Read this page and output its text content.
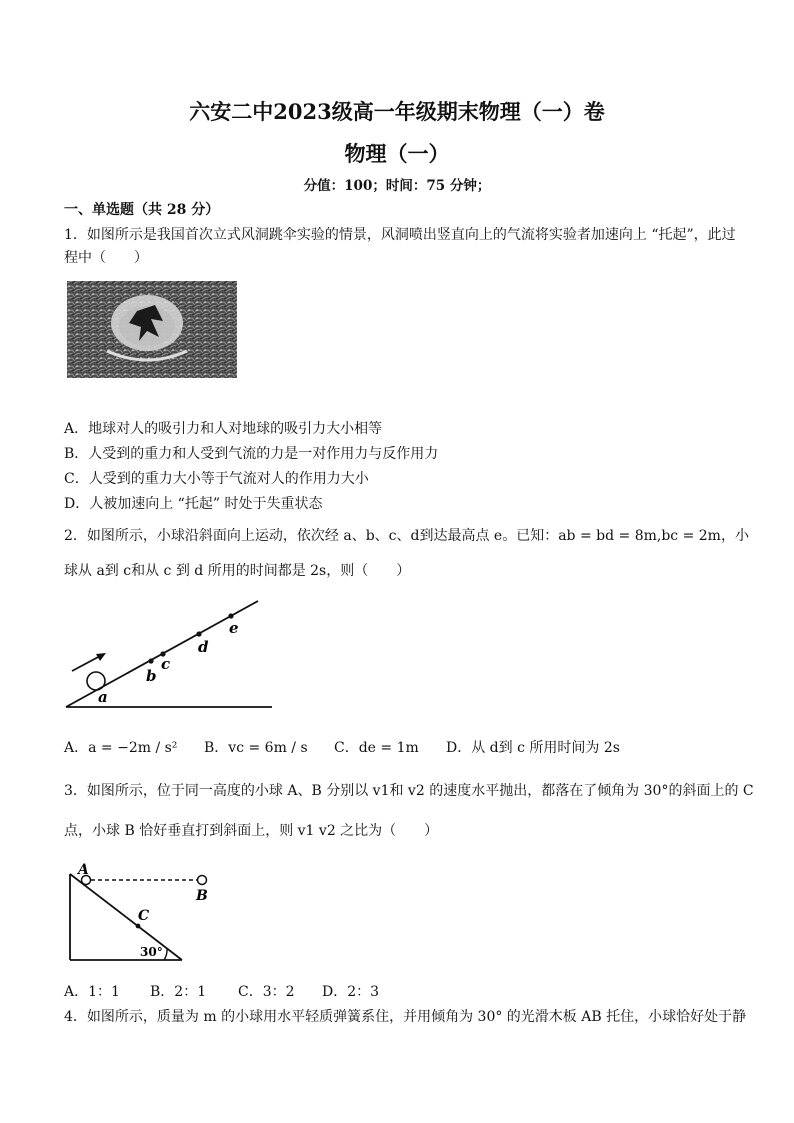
六安二中2023级高一年级期末物理（一）卷
物理（一）
分值：100；时间：75 分钟；
一、单选题（共 28 分）
1．如图所示是我国首次立式风洞跳伞实验的情景，风洞喷出竖直向上的气流将实验者加速向上 “托起”，此过
程中（　　）
A．地球对人的吸引力和人对地球的吸引力大小相等
B．人受到的重力和人受到气流的力是一对作用力与反作用力
C．人受到的重力大小等于气流对人的作用力大小
D．人被加速向上 “托起” 时处于失重状态
2．如图所示，小球沿斜面向上运动，依次经 a、b、c、d到达最高点 e。已知：ab = bd = 8m,bc = 2m，小
球从 a到 c和从 c 到 d 所用的时间都是 2s，则（　　）
a
b
c
d
e
A．a = −2m / s² B．vc = 6m / s C．de = 1m D．从 d到 c 所用时间为 2s
3．如图所示，位于同一高度的小球 A、B 分别以 v1和 v2 的速度水平抛出，都落在了倾角为 30°的斜面上的 C
点，小球 B 恰好垂直打到斜面上，则 v1 v2 之比为（　　）
A
B
C
30°
A．1：1 B．2：1 C．3：2 D．2：3
4．如图所示，质量为 m 的小球用水平轻质弹簧系住，并用倾角为 30° 的光滑木板 AB 托住，小球恰好处于静
